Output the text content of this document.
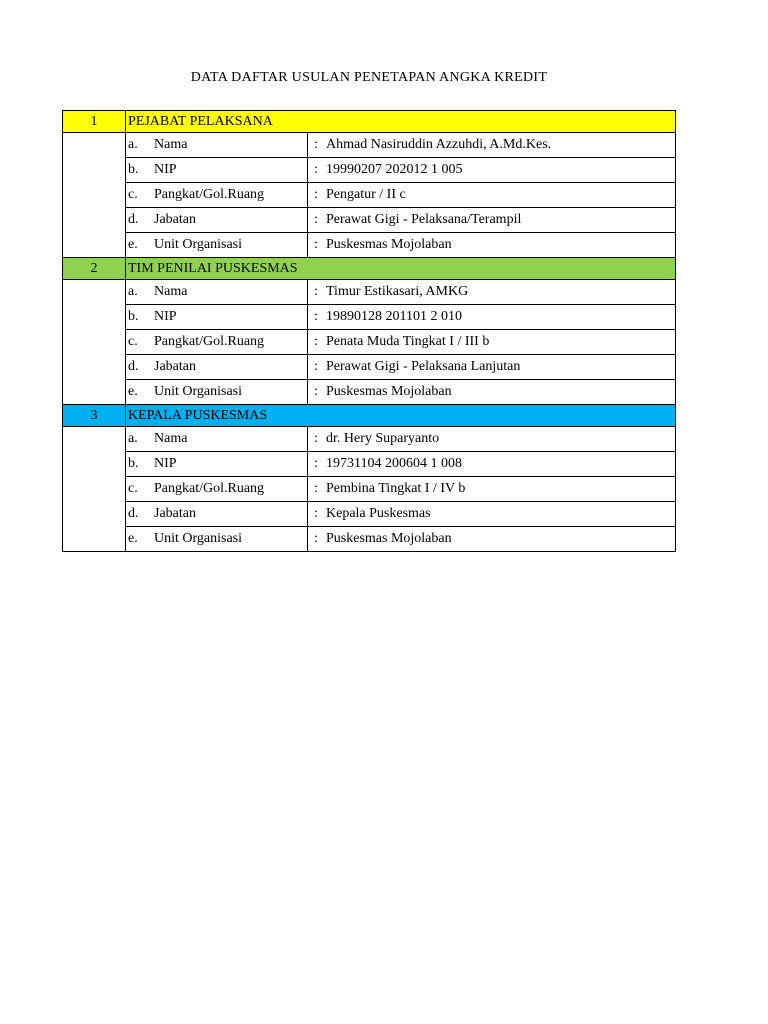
DATA DAFTAR USULAN PENETAPAN ANGKA KREDIT
1	PEJABAT PELAKSANA	
	a. Nama	: Ahmad Nasiruddin Azzuhdi, A.Md.Kes.
	b. NIP	: 19990207 202012 1 005
	c. Pangkat/Gol.Ruang	: Pengatur / II c
	d. Jabatan	: Perawat Gigi - Pelaksana/Terampil
	e. Unit Organisasi	: Puskesmas Mojolaban
2	TIM PENILAI PUSKESMAS	
	a. Nama	: Timur Estikasari, AMKG
	b. NIP	: 19890128 201101 2 010
	c. Pangkat/Gol.Ruang	: Penata Muda Tingkat I / III b
	d. Jabatan	: Perawat Gigi - Pelaksana Lanjutan
	e. Unit Organisasi	: Puskesmas Mojolaban
3	KEPALA PUSKESMAS	
	a. Nama	: dr. Hery Suparyanto
	b. NIP	: 19731104 200604 1 008
	c. Pangkat/Gol.Ruang	: Pembina Tingkat I / IV b
	d. Jabatan	: Kepala Puskesmas
	e. Unit Organisasi	: Puskesmas Mojolaban
